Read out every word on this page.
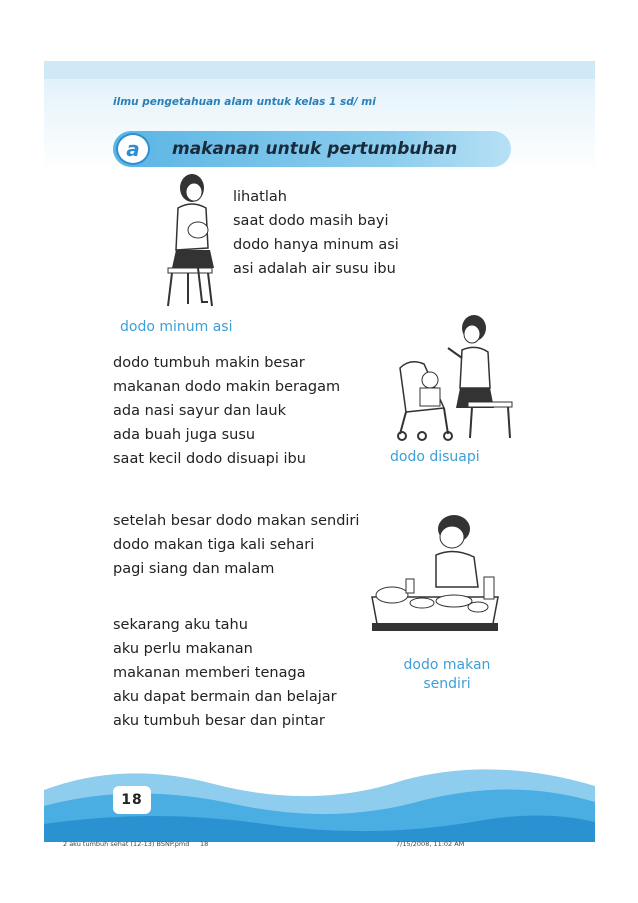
ilmu pengetahuan alam untuk kelas 1 sd/ mi
a	makanan untuk pertumbuhan
lihatlah
saat dodo masih bayi
dodo hanya minum asi
asi adalah air susu ibu
dodo minum asi
dodo tumbuh makin besar
makanan dodo makin beragam
ada nasi sayur dan lauk
ada buah juga susu
saat kecil dodo disuapi ibu	dodo disuapi
setelah besar dodo makan sendiri
dodo makan tiga kali sehari
pagi siang dan malam
dodo makan
sendiri
sekarang aku tahu
aku perlu makanan
makanan memberi tenaga
aku dapat bermain dan belajar
aku tumbuh besar dan pintar
18
2 aku tumbuh sehat (12-13) BSNP.pmd 18	7/15/2008, 11:02 AM
